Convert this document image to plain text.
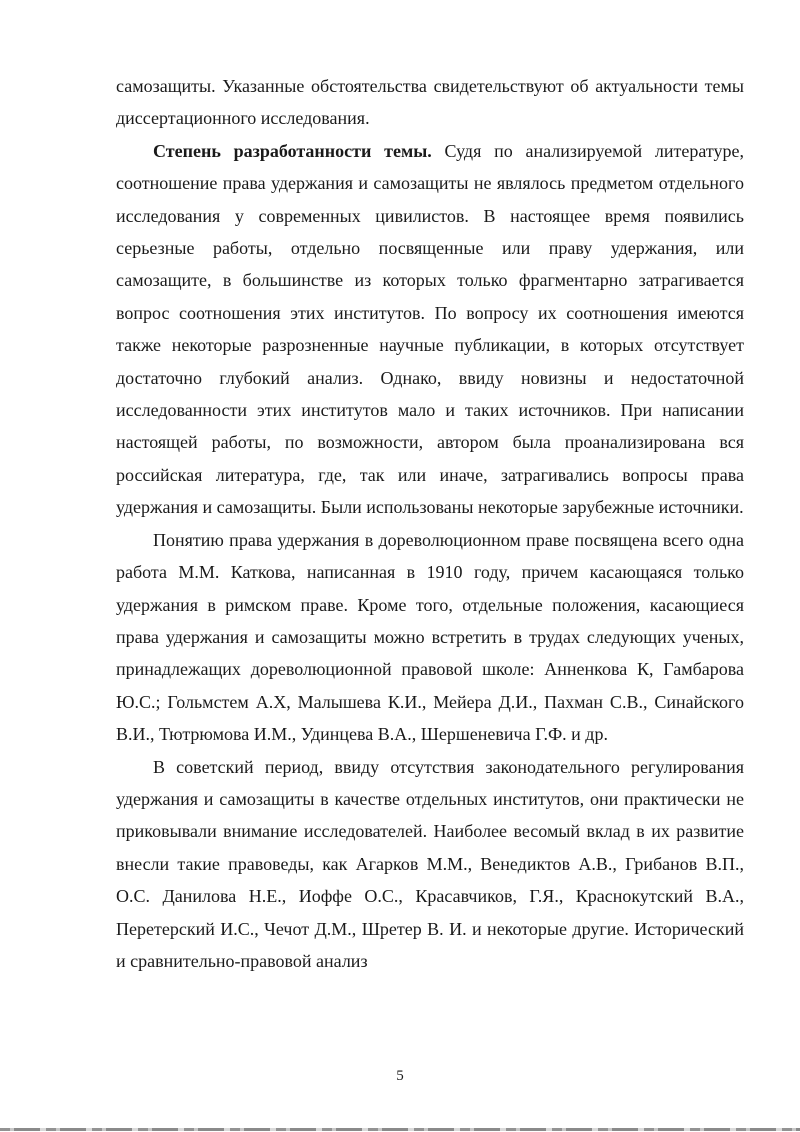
самозащиты. Указанные обстоятельства свидетельствуют об актуальности темы диссертационного исследования.

Степень разработанности темы. Судя по анализируемой литературе, соотношение права удержания и самозащиты не являлось предметом отдельного исследования у современных цивилистов. В настоящее время появились серьезные работы, отдельно посвященные или праву удержания, или самозащите, в большинстве из которых только фрагментарно затрагивается вопрос соотношения этих институтов. По вопросу их соотношения имеются также некоторые разрозненные научные публикации, в которых отсутствует достаточно глубокий анализ. Однако, ввиду новизны и недостаточной исследованности этих институтов мало и таких источников. При написании настоящей работы, по возможности, автором была проанализирована вся российская литература, где, так или иначе, затрагивались вопросы права удержания и самозащиты. Были использованы некоторые зарубежные источники.

Понятию права удержания в дореволюционном праве посвящена всего одна работа М.М. Каткова, написанная в 1910 году, причем касающаяся только удержания в римском праве. Кроме того, отдельные положения, касающиеся права удержания и самозащиты можно встретить в трудах следующих ученых, принадлежащих дореволюционной правовой школе: Анненкова К, Гамбарова Ю.С.; Гольмстем А.Х, Малышева К.И., Мейера Д.И., Пахман С.В., Синайского В.И., Тютрюмова И.М., Удинцева В.А., Шершеневича Г.Ф. и др.

В советский период, ввиду отсутствия законодательного регулирования удержания и самозащиты в качестве отдельных институтов, они практически не приковывали внимание исследователей. Наиболее весомый вклад в их развитие внесли такие правоведы, как Агарков М.М., Венедиктов А.В., Грибанов В.П., О.С. Данилова Н.Е., Иоффе О.С., Красавчиков, Г.Я., Краснокутский В.А., Перетерский И.С., Чечот Д.М., Шретер В. И. и некоторые другие. Исторический и сравнительно-правовой анализ

5
